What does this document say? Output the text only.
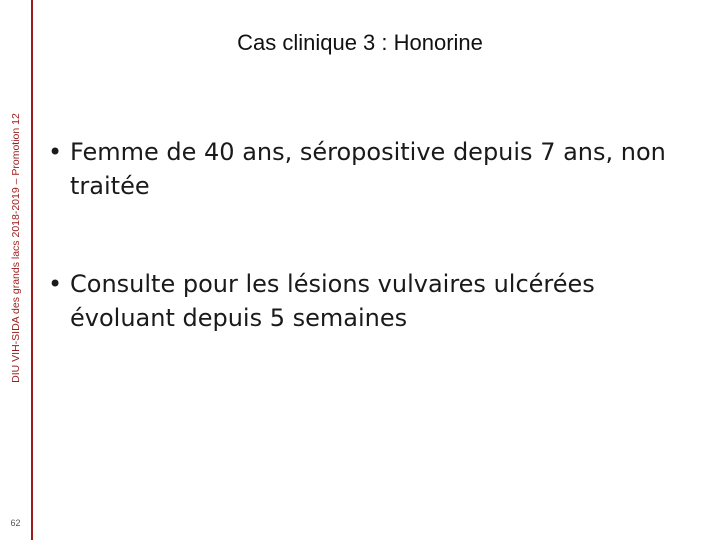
DIU VIH-SIDA des grands lacs 2018-2019 – Promotion 12
62
Cas clinique 3 : Honorine
• Femme de 40 ans, séropositive depuis 7 ans, non traitée
• Consulte pour les lésions vulvaires ulcérées évoluant depuis 5 semaines
